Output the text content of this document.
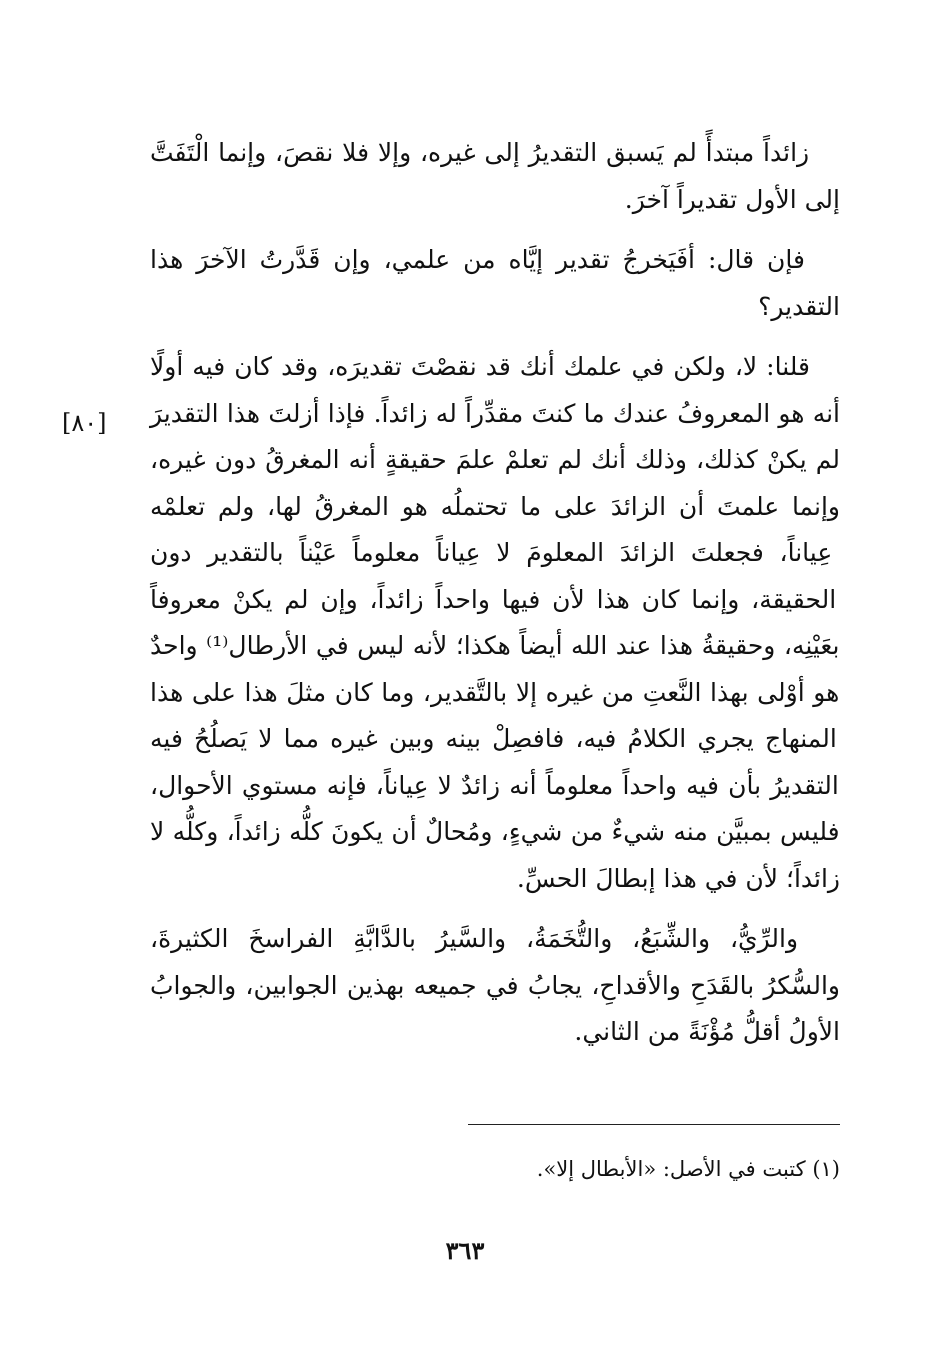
زائداً مبتدأً لم يَسبق التقديرُ إلى غيره، وإلا فلا نقصَ، وإنما الْتَفَتَّ إلى الأول تقديراً آخرَ.

فإن قال: أفَيَخرجُ تقدير إيَّاه من علمي، وإن قَدَّرتُ الآخرَ هذا التقدير؟

قلنا: لا، ولكن في علمك أنك قد نقصْتَ تقديرَه، وقد كان فيه أولًا أنه هو المعروفُ عندك ما كنتَ مقدِّراً له زائداً. فإذا أزلتَ هذا التقديرَ لم يكنْ كذلك، وذلك أنك لم تعلمْ علمَ حقيقةٍ أنه المغرقُ دون غيره، وإنما علمتَ أن الزائدَ على ما تحتملُه هو المغرقُ لها، ولم تعلمْه عِياناً، فجعلتَ الزائدَ المعلومَ لا عِياناً معلوماً عَيْناً بالتقدير دون الحقيقة، وإنما كان هذا لأن فيها واحداً زائداً، وإن لم يكنْ معروفاً بعَيْنِه، وحقيقةُ هذا عند الله أيضاً هكذا؛ لأنه ليس في الأرطال⁽¹⁾ واحدٌ هو أوْلى بهذا النَّعتِ من غيره إلا بالتَّقدير، وما كان مثلَ هذا على هذا المنهاج يجري الكلامُ فيه، فافصِلْ بينه وبين غيره مما لا يَصلُحُ فيه التقديرُ بأن فيه واحداً معلوماً أنه زائدٌ لا عِياناً، فإنه مستوي الأحوال، فليس بمبيَّن منه شيءٌ من شيءٍ، ومُحالٌ أن يكونَ كلُّه زائداً، وكلُّه لا زائداً؛ لأن في هذا إبطالَ الحسِّ.

والرِّيُّ، والشِّبَعُ، والتُّخَمَةُ، والسَّيرُ بالدَّابَّةِ الفراسخَ الكثيرةَ، والسُّكرُ بالقَدَحِ والأقداحِ، يجابُ في جميعه بهذين الجوابين، والجوابُ الأولُ أقلُّ مُؤْنَةً من الثاني.

[٨٠]
(١) كتبت في الأصل: «الأبطال إلا».
٣٦٣
